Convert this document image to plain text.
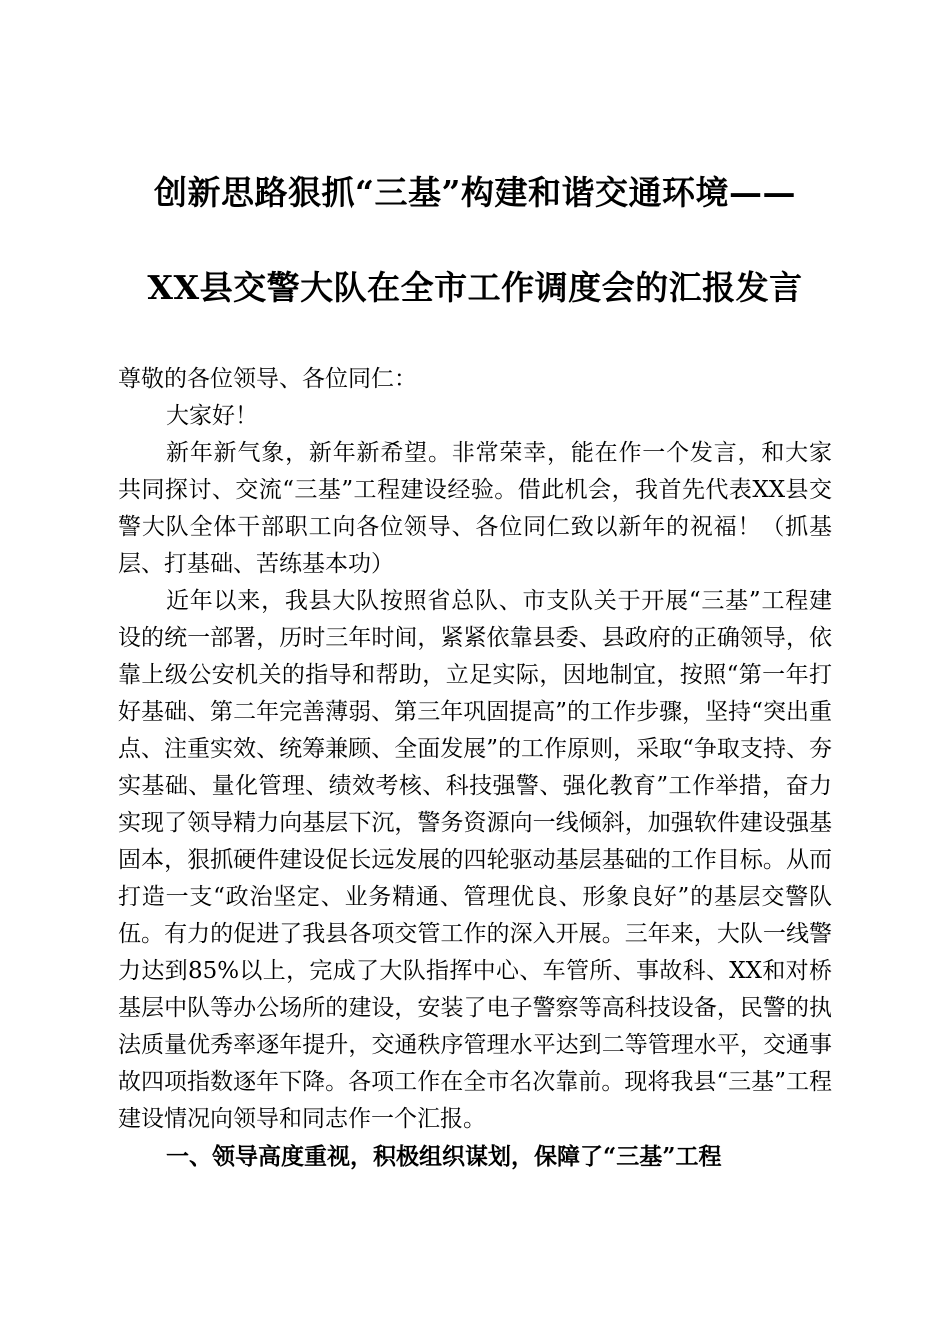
创新思路狠抓“三基”构建和谐交通环境——
XX县交警大队在全市工作调度会的汇报发言

尊敬的各位领导、各位同仁：

大家好！

新年新气象，新年新希望。非常荣幸，能在作一个发言，和大家共同探讨、交流“三基”工程建设经验。借此机会，我首先代表XX县交警大队全体干部职工向各位领导、各位同仁致以新年的祝福！（抓基层、打基础、苦练基本功）

近年以来，我县大队按照省总队、市支队关于开展“三基”工程建设的统一部署，历时三年时间，紧紧依靠县委、县政府的正确领导，依靠上级公安机关的指导和帮助，立足实际，因地制宜，按照“第一年打好基础、第二年完善薄弱、第三年巩固提高”的工作步骤，坚持“突出重点、注重实效、统筹兼顾、全面发展”的工作原则，采取“争取支持、夯实基础、量化管理、绩效考核、科技强警、强化教育”工作举措，奋力实现了领导精力向基层下沉，警务资源向一线倾斜，加强软件建设强基固本，狠抓硬件建设促长远发展的四轮驱动基层基础的工作目标。从而打造一支“政治坚定、业务精通、管理优良、形象良好”的基层交警队伍。有力的促进了我县各项交管工作的深入开展。三年来，大队一线警力达到85%以上，完成了大队指挥中心、车管所、事故科、XX和对桥基层中队等办公场所的建设，安装了电子警察等高科技设备，民警的执法质量优秀率逐年提升，交通秩序管理水平达到二等管理水平，交通事故四项指数逐年下降。各项工作在全市名次靠前。现将我县“三基”工程建设情况向领导和同志作一个汇报。

一、领导高度重视，积极组织谋划，保障了“三基”工程
